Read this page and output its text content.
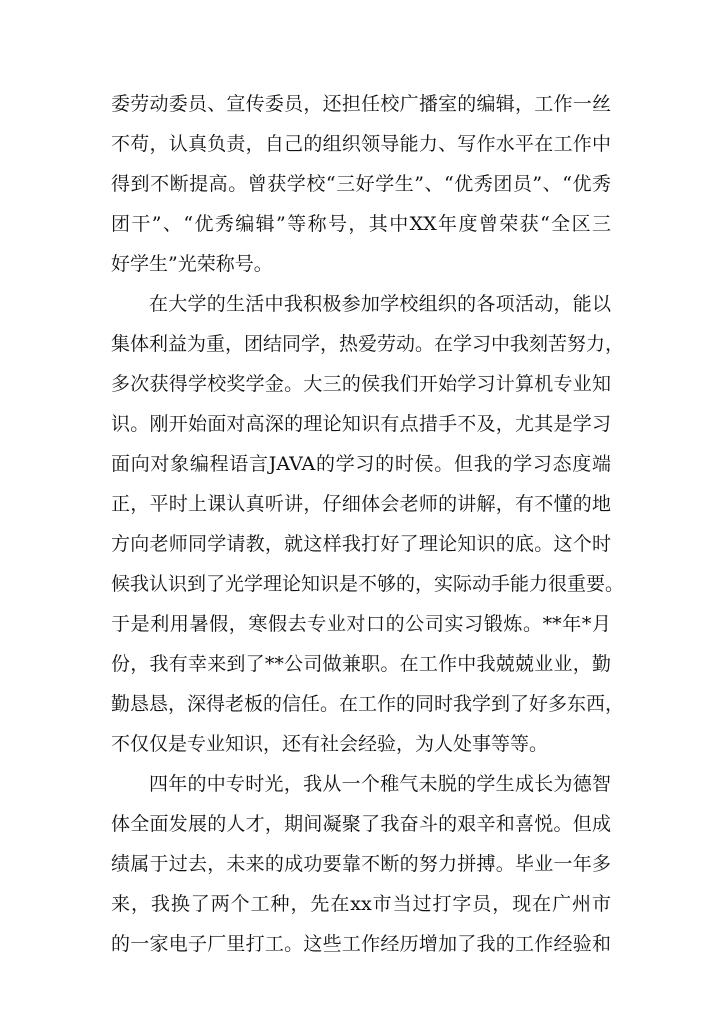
委劳动委员、宣传委员，还担任校广播室的编辑，工作一丝
不苟，认真负责，自己的组织领导能力、写作水平在工作中
得到不断提高。曾获学校“三好学生”、“优秀团员”、“优秀
团干”、“优秀编辑”等称号，其中XX年度曾荣获“全区三
好学生”光荣称号。
在大学的生活中我积极参加学校组织的各项活动，能以
集体利益为重，团结同学，热爱劳动。在学习中我刻苦努力，
多次获得学校奖学金。大三的侯我们开始学习计算机专业知
识。刚开始面对高深的理论知识有点措手不及，尤其是学习
面向对象编程语言JAVA的学习的时侯。但我的学习态度端
正，平时上课认真听讲，仔细体会老师的讲解，有不懂的地
方向老师同学请教，就这样我打好了理论知识的底。这个时
候我认识到了光学理论知识是不够的，实际动手能力很重要。
于是利用暑假，寒假去专业对口的公司实习锻炼。**年*月
份，我有幸来到了**公司做兼职。在工作中我兢兢业业，勤
勤恳恳，深得老板的信任。在工作的同时我学到了好多东西，
不仅仅是专业知识，还有社会经验，为人处事等等。
四年的中专时光，我从一个稚气未脱的学生成长为德智
体全面发展的人才，期间凝聚了我奋斗的艰辛和喜悦。但成
绩属于过去，未来的成功要靠不断的努力拼搏。毕业一年多
来，我换了两个工种，先在xx市当过打字员，现在广州市
的一家电子厂里打工。这些工作经历增加了我的工作经验和
